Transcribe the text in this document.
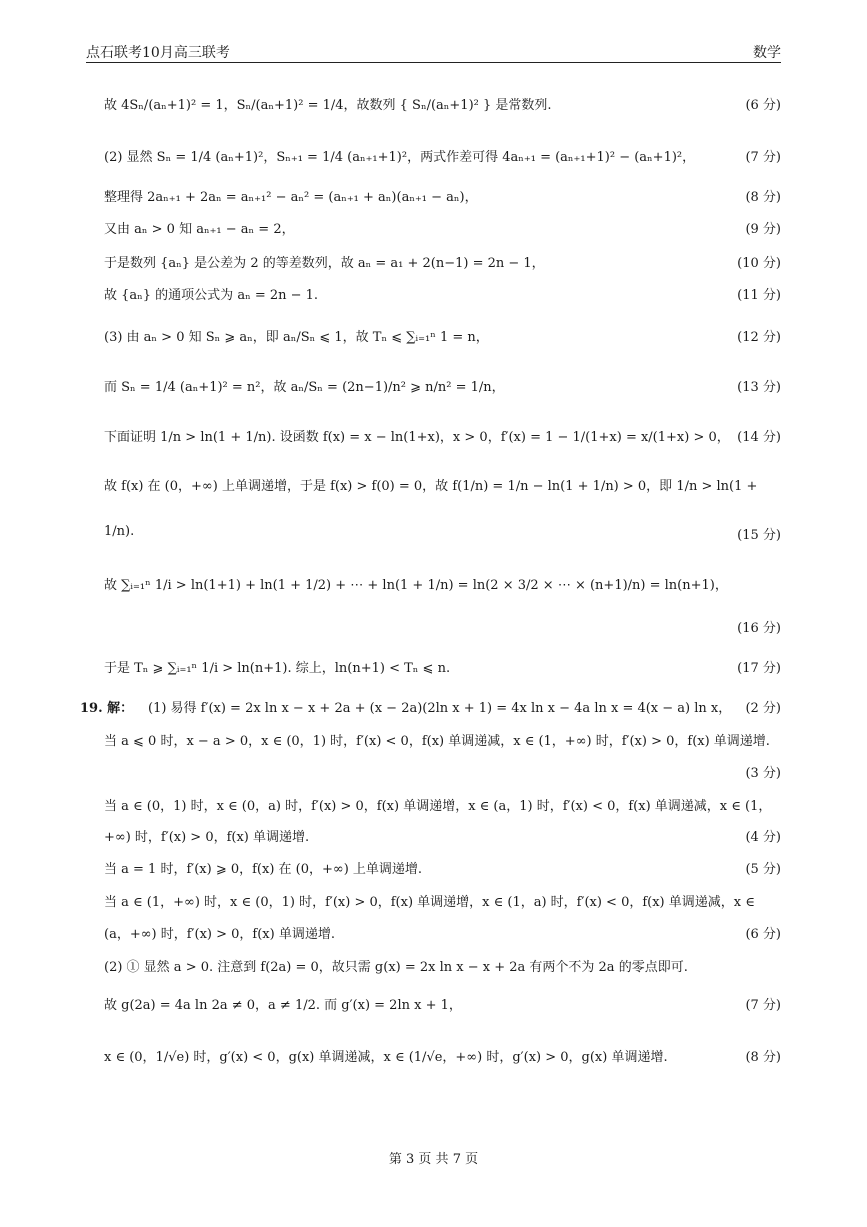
点石联考10月高三联考	数学
故 4Sₙ/(aₙ+1)² = 1，Sₙ/(aₙ+1)² = 1/4，故数列 { Sₙ/(aₙ+1)² } 是常数列.	(6 分)
(2) 显然 Sₙ = 1/4 (aₙ+1)²，Sₙ₊₁ = 1/4 (aₙ₊₁+1)²，两式作差可得 4aₙ₊₁ = (aₙ₊₁+1)² − (aₙ+1)²，	(7 分)
整理得 2aₙ₊₁ + 2aₙ = aₙ₊₁² − aₙ² = (aₙ₊₁ + aₙ)(aₙ₊₁ − aₙ)，	(8 分)
又由 aₙ > 0 知 aₙ₊₁ − aₙ = 2，	(9 分)
于是数列 {aₙ} 是公差为 2 的等差数列，故 aₙ = a₁ + 2(n−1) = 2n − 1，	(10 分)
故 {aₙ} 的通项公式为 aₙ = 2n − 1.	(11 分)
(3) 由 aₙ > 0 知 Sₙ ⩾ aₙ，即 aₙ/Sₙ ⩽ 1，故 Tₙ ⩽ ∑ᵢ₌₁ⁿ 1 = n，	(12 分)
而 Sₙ = 1/4 (aₙ+1)² = n²，故 aₙ/Sₙ = (2n−1)/n² ⩾ n/n² = 1/n，	(13 分)
下面证明 1/n > ln(1 + 1/n). 设函数 f(x) = x − ln(1+x)，x > 0，f′(x) = 1 − 1/(1+x) = x/(1+x) > 0， (14 分)
故 f(x) 在 (0，+∞) 上单调递增，于是 f(x) > f(0) = 0，故 f(1/n) = 1/n − ln(1 + 1/n) > 0，即 1/n > ln(1 +
1/n).	(15 分)
故 ∑ᵢ₌₁ⁿ 1/i > ln(1+1) + ln(1 + 1/2) + ⋯ + ln(1 + 1/n) = ln(2 × 3/2 × ⋯ × (n+1)/n) = ln(n+1)，
(16 分)
于是 Tₙ ⩾ ∑ᵢ₌₁ⁿ 1/i > ln(n+1). 综上，ln(n+1) < Tₙ ⩽ n.	(17 分)
19. 解： (1) 易得 f′(x) = 2x ln x − x + 2a + (x − 2a)(2ln x + 1) = 4x ln x − 4a ln x = 4(x − a) ln x， (2 分)
当 a ⩽ 0 时，x − a > 0，x ∈ (0，1) 时，f′(x) < 0，f(x) 单调递减，x ∈ (1，+∞) 时，f′(x) > 0，f(x) 单调递增.
(3 分)
当 a ∈ (0，1) 时，x ∈ (0，a) 时，f′(x) > 0，f(x) 单调递增，x ∈ (a，1) 时，f′(x) < 0，f(x) 单调递减，x ∈ (1，
+∞) 时，f′(x) > 0，f(x) 单调递增.	(4 分)
当 a = 1 时，f′(x) ⩾ 0，f(x) 在 (0，+∞) 上单调递增.	(5 分)
当 a ∈ (1，+∞) 时，x ∈ (0，1) 时，f′(x) > 0，f(x) 单调递增，x ∈ (1，a) 时，f′(x) < 0，f(x) 单调递减，x ∈
(a，+∞) 时，f′(x) > 0，f(x) 单调递增.	(6 分)
(2) ① 显然 a > 0. 注意到 f(2a) = 0，故只需 g(x) = 2x ln x − x + 2a 有两个不为 2a 的零点即可.
故 g(2a) = 4a ln 2a ≠ 0，a ≠ 1/2. 而 g′(x) = 2ln x + 1，	(7 分)
x ∈ (0，1/√e) 时，g′(x) < 0，g(x) 单调递减，x ∈ (1/√e，+∞) 时，g′(x) > 0，g(x) 单调递增.	(8 分)
第 3 页 共 7 页
